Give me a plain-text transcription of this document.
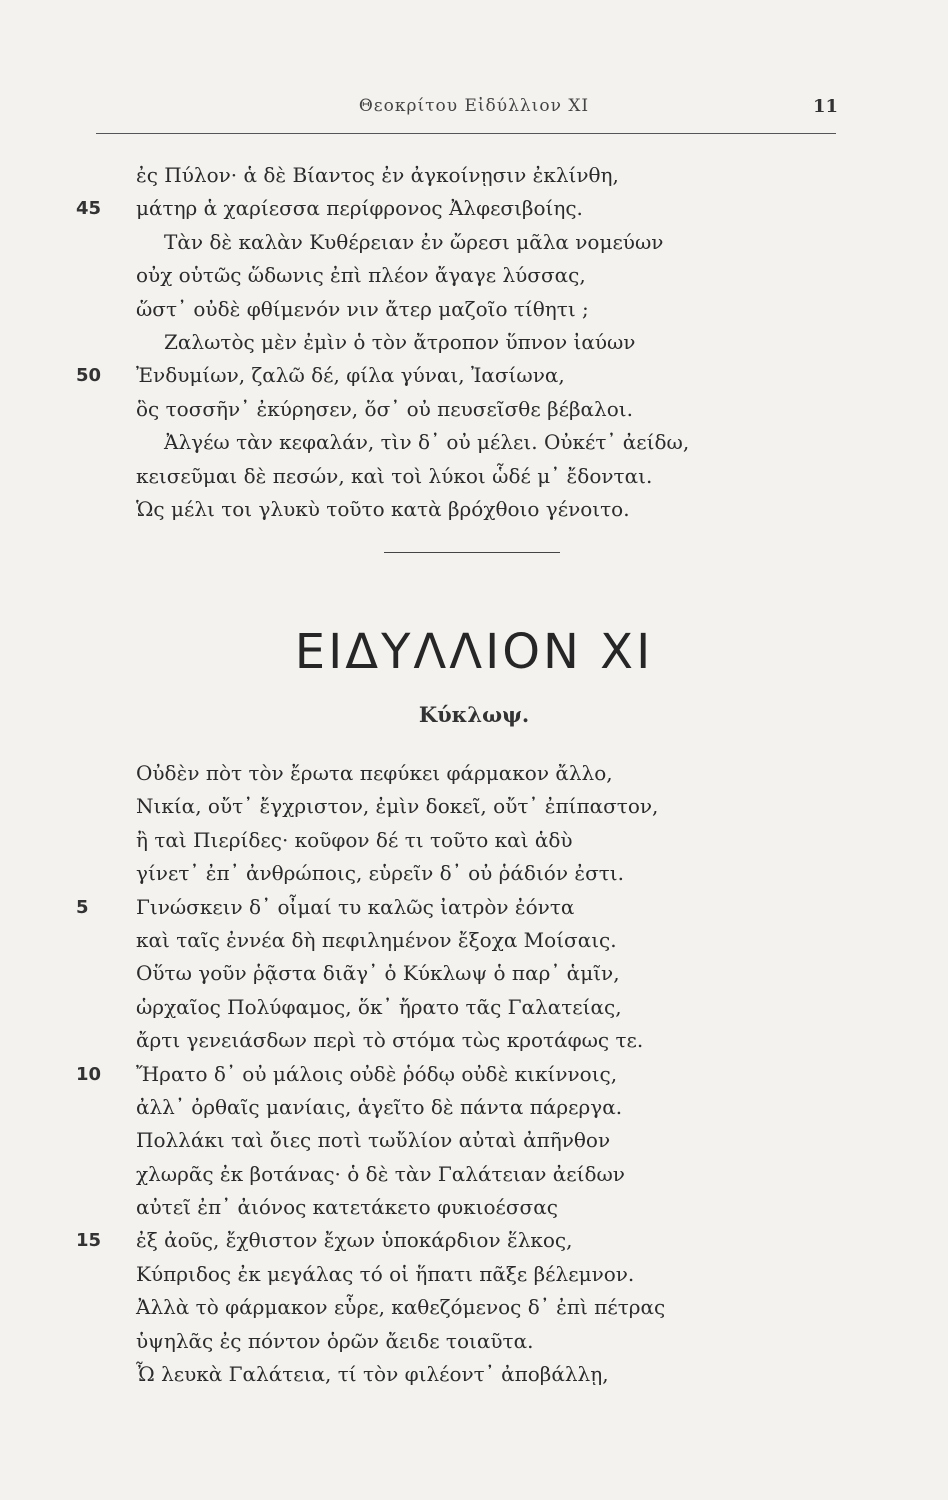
Θεοκρίτου Εἰδύλλιον XI	11
ἐς Πύλον· ἁ δὲ Βίαντος ἐν ἀγκοίνῃσιν ἐκλίνθη,
45	μάτηρ ἁ χαρίεσσα περίφρονος Ἀλφεσιβοίης.
Τὰν δὲ καλὰν Κυθέρειαν ἐν ὤρεσι μᾶλα νομεύων
οὐχ οὑτῶς ὥδωνις ἐπὶ πλέον ἄγαγε λύσσας,
ὥστ᾽ οὐδὲ φθίμενόν νιν ἄτερ μαζοῖο τίθητι ;
Ζαλωτὸς μὲν ἐμὶν ὁ τὸν ἄτροπον ὕπνον ἰαύων
50	Ἐνδυμίων, ζαλῶ δέ, φίλα γύναι, Ἰασίωνα,
ὃς τοσσῆν᾽ ἐκύρησεν, ὅσ᾽ οὐ πευσεῖσθε βέβαλοι.
Ἀλγέω τὰν κεφαλάν, τὶν δ᾽ οὐ μέλει. Οὐκέτ᾽ ἀείδω,
κεισεῦμαι δὲ πεσών, καὶ τοὶ λύκοι ὧδέ μ᾽ ἔδονται.
Ὡς μέλι τοι γλυκὺ τοῦτο κατὰ βρόχθοιο γένοιτο.
ΕΙΔΥΛΛΙΟΝ XI
Κύκλωψ.
Οὐδὲν πὸτ τὸν ἔρωτα πεφύκει φάρμακον ἄλλο,
Νικία, οὔτ᾽ ἔγχριστον, ἐμὶν δοκεῖ, οὔτ᾽ ἐπίπαστον,
ἢ ταὶ Πιερίδες· κοῦφον δέ τι τοῦτο καὶ ἁδὺ
γίνετ᾽ ἐπ᾽ ἀνθρώποις, εὑρεῖν δ᾽ οὐ ῥάδιόν ἐστι.
5	Γινώσκειν δ᾽ οἶμαί τυ καλῶς ἰατρὸν ἐόντα
καὶ ταῖς ἐννέα δὴ πεφιλημένον ἔξοχα Μοίσαις.
Οὕτω γοῦν ῥᾷστα διᾶγ᾽ ὁ Κύκλωψ ὁ παρ᾽ ἁμῖν,
ὡρχαῖος Πολύφαμος, ὅκ᾽ ἤρατο τᾶς Γαλατείας,
ἄρτι γενειάσδων περὶ τὸ στόμα τὼς κροτάφως τε.
10	Ἤρατο δ᾽ οὐ μάλοις οὐδὲ ῥόδῳ οὐδὲ κικίννοις,
ἀλλ᾽ ὀρθαῖς μανίαις, ἁγεῖτο δὲ πάντα πάρεργα.
Πολλάκι ταὶ ὄιες ποτὶ τωὔλίον αὐταὶ ἀπῆνθον
χλωρᾶς ἐκ βοτάνας· ὁ δὲ τὰν Γαλάτειαν ἀείδων
αὐτεῖ ἐπ᾽ ἀιόνος κατετάκετο φυκιοέσσας
15	ἐξ ἀοῦς, ἔχθιστον ἔχων ὑποκάρδιον ἕλκος,
Κύπριδος ἐκ μεγάλας τό οἱ ἥπατι πᾶξε βέλεμνον.
Ἀλλὰ τὸ φάρμακον εὗρε, καθεζόμενος δ᾽ ἐπὶ πέτρας
ὑψηλᾶς ἐς πόντον ὁρῶν ἄειδε τοιαῦτα.
Ὦ λευκὰ Γαλάτεια, τί τὸν φιλέοντ᾽ ἀποβάλλῃ,
